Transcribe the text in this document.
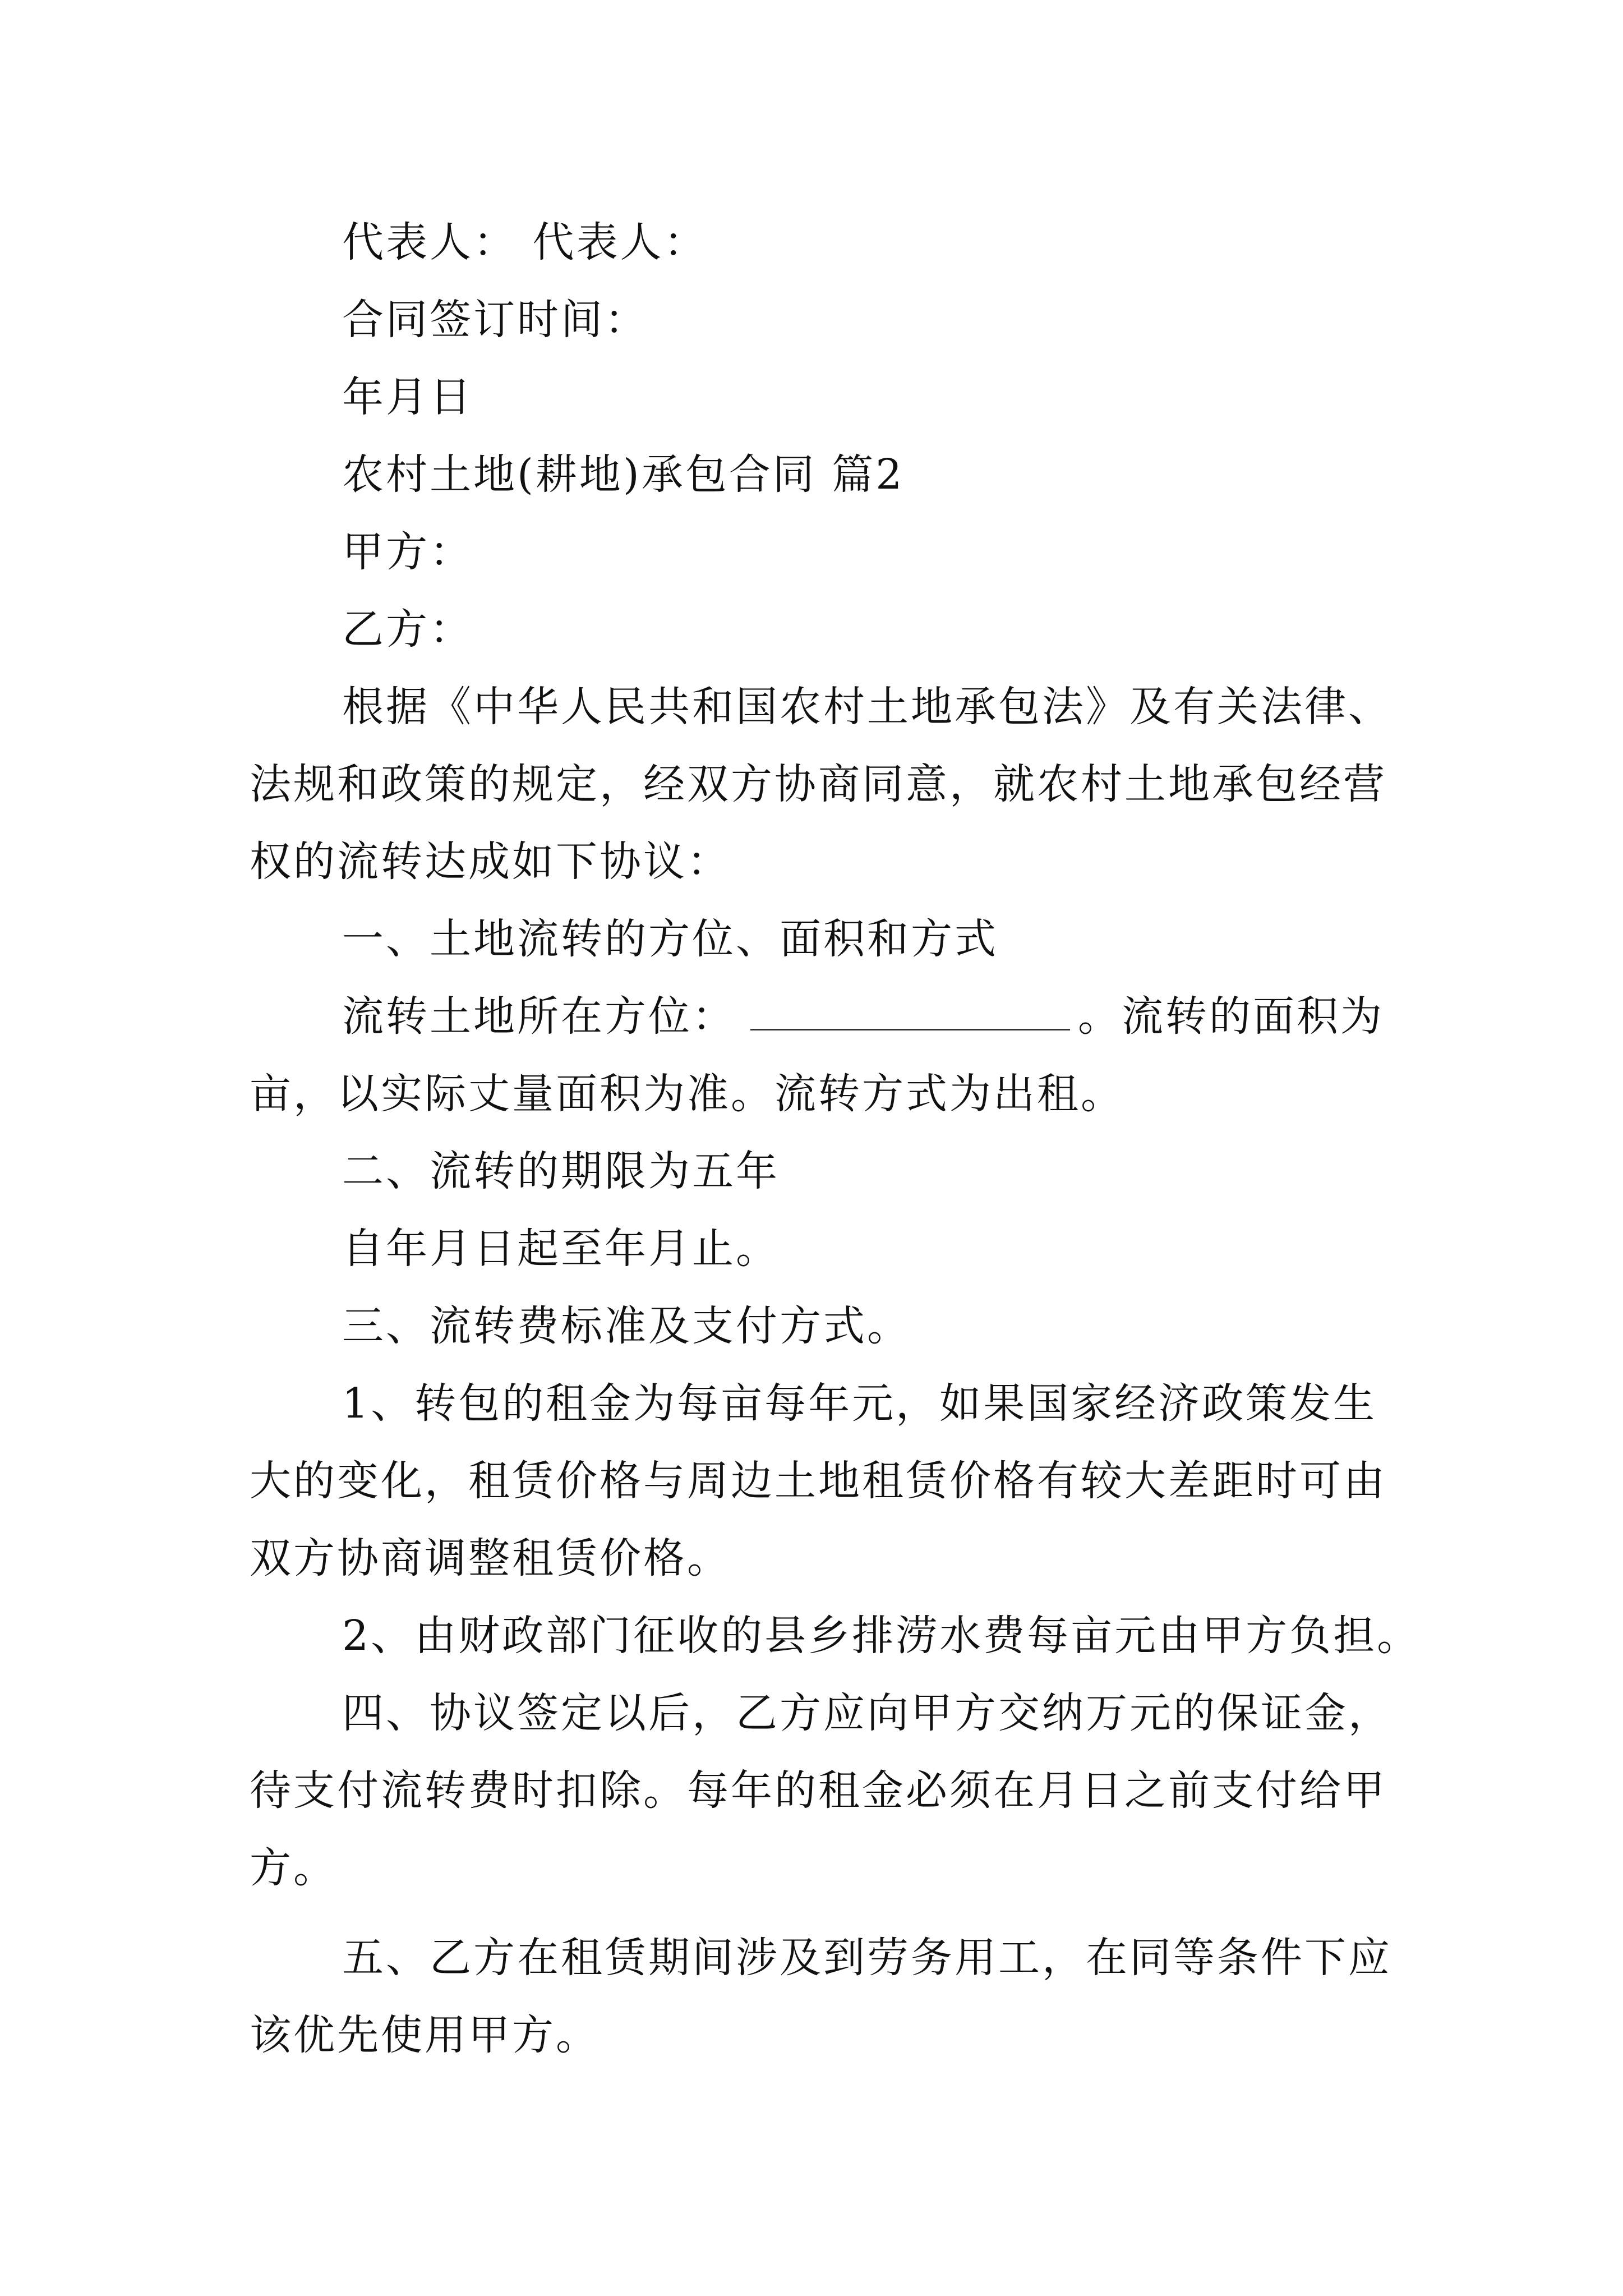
代表人： 代表人：
合同签订时间：
年月日
农村土地(耕地)承包合同 篇2
甲方：
乙方：
根据《中华人民共和国农村土地承包法》及有关法律、
法规和政策的规定，经双方协商同意，就农村土地承包经营
权的流转达成如下协议：
一、土地流转的方位、面积和方式
流转土地所在方位：	。流转的面积为
亩，以实际丈量面积为准。流转方式为出租。
二、流转的期限为五年
自年月日起至年月止。
三、流转费标准及支付方式。
1、转包的租金为每亩每年元，如果国家经济政策发生
大的变化，租赁价格与周边土地租赁价格有较大差距时可由
双方协商调整租赁价格。
2、由财政部门征收的县乡排涝水费每亩元由甲方负担。
四、协议签定以后，乙方应向甲方交纳万元的保证金，
待支付流转费时扣除。每年的租金必须在月日之前支付给甲
方。
五、乙方在租赁期间涉及到劳务用工，在同等条件下应
该优先使用甲方。
